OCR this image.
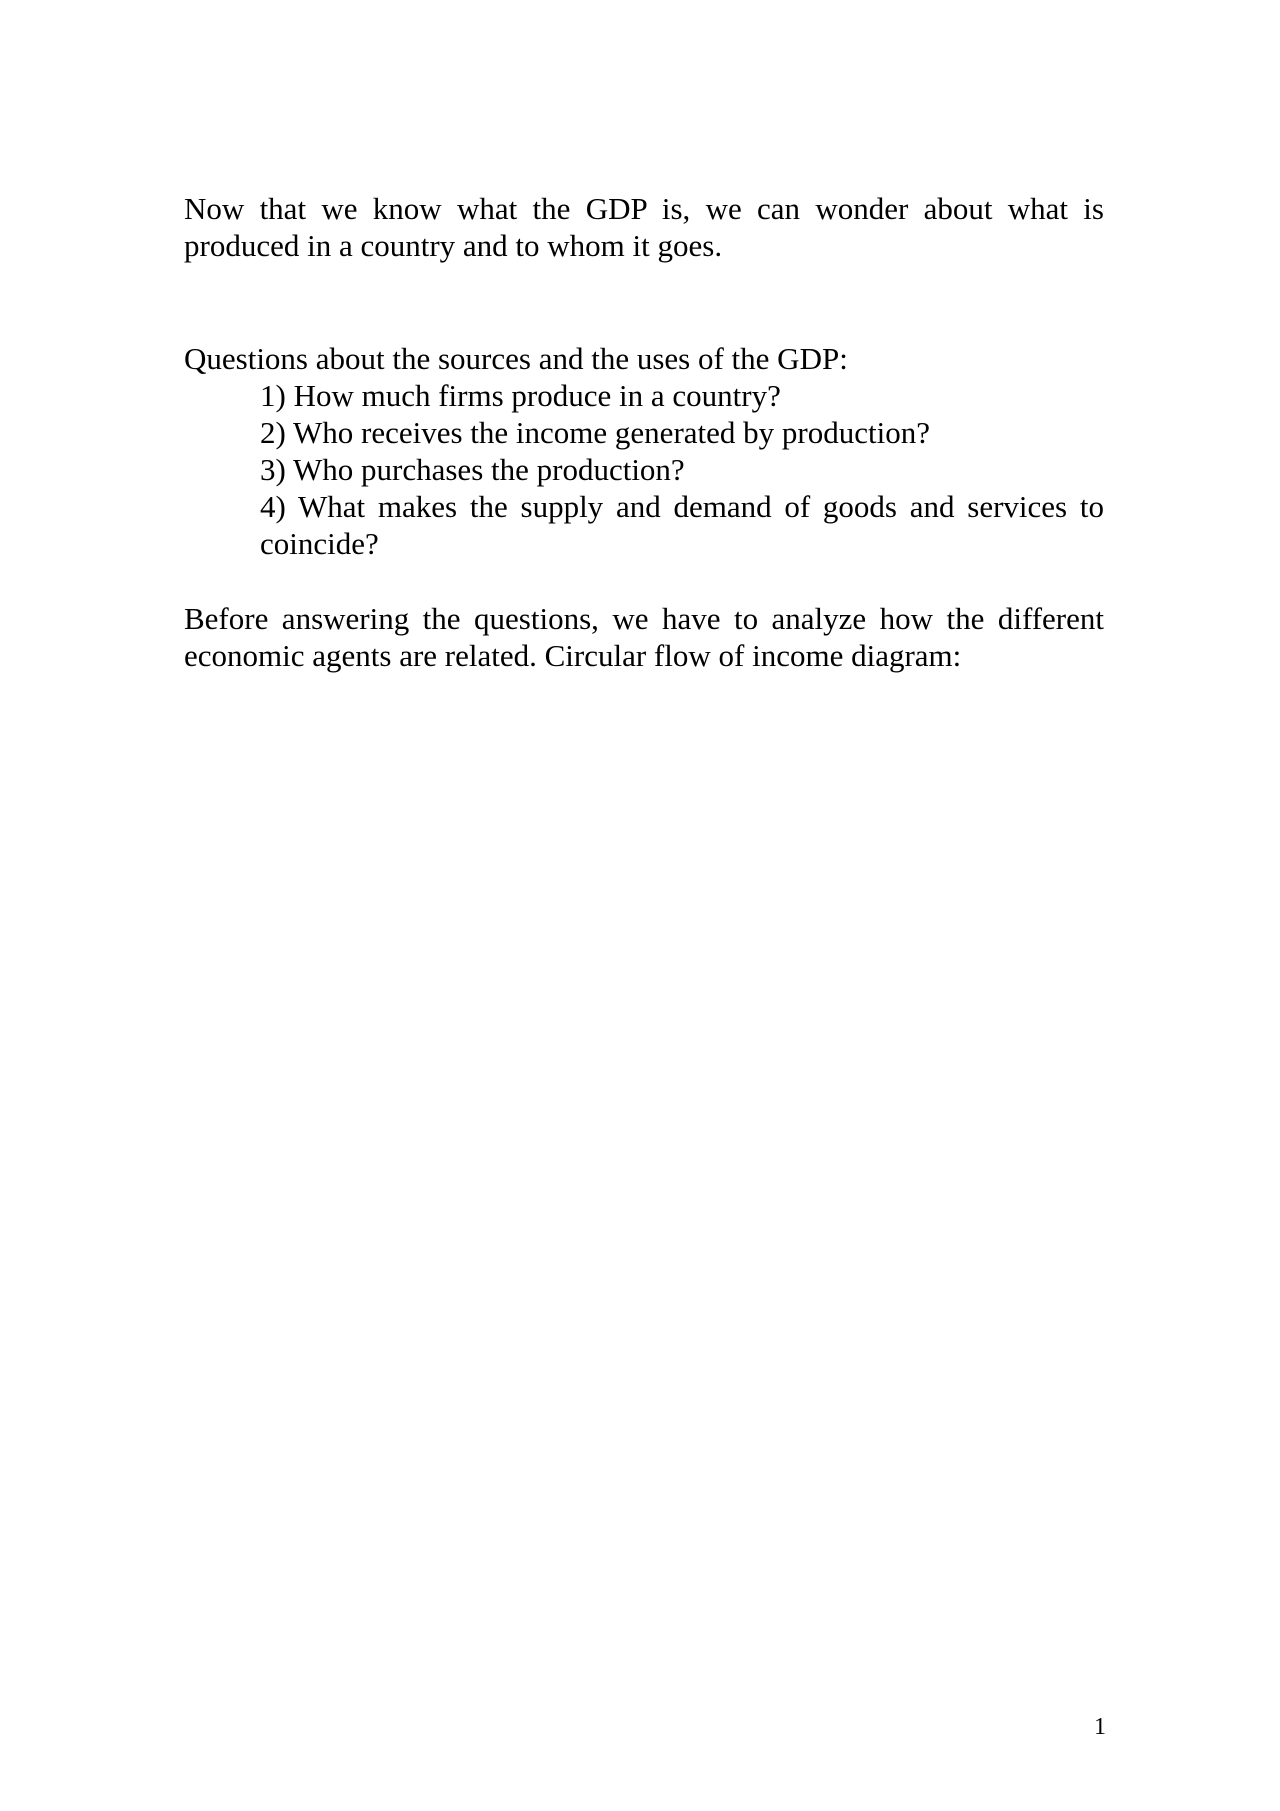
Now that we know what the GDP is, we can wonder about what is produced in a country and to whom it goes.

Questions about the sources and the uses of the GDP:

1) How much firms produce in a country?
2) Who receives the income generated by production?
3) Who purchases the production?
4) What makes the supply and demand of goods and services to coincide?

Before answering the questions, we have to analyze how the different economic agents are related. Circular flow of income diagram:

1
